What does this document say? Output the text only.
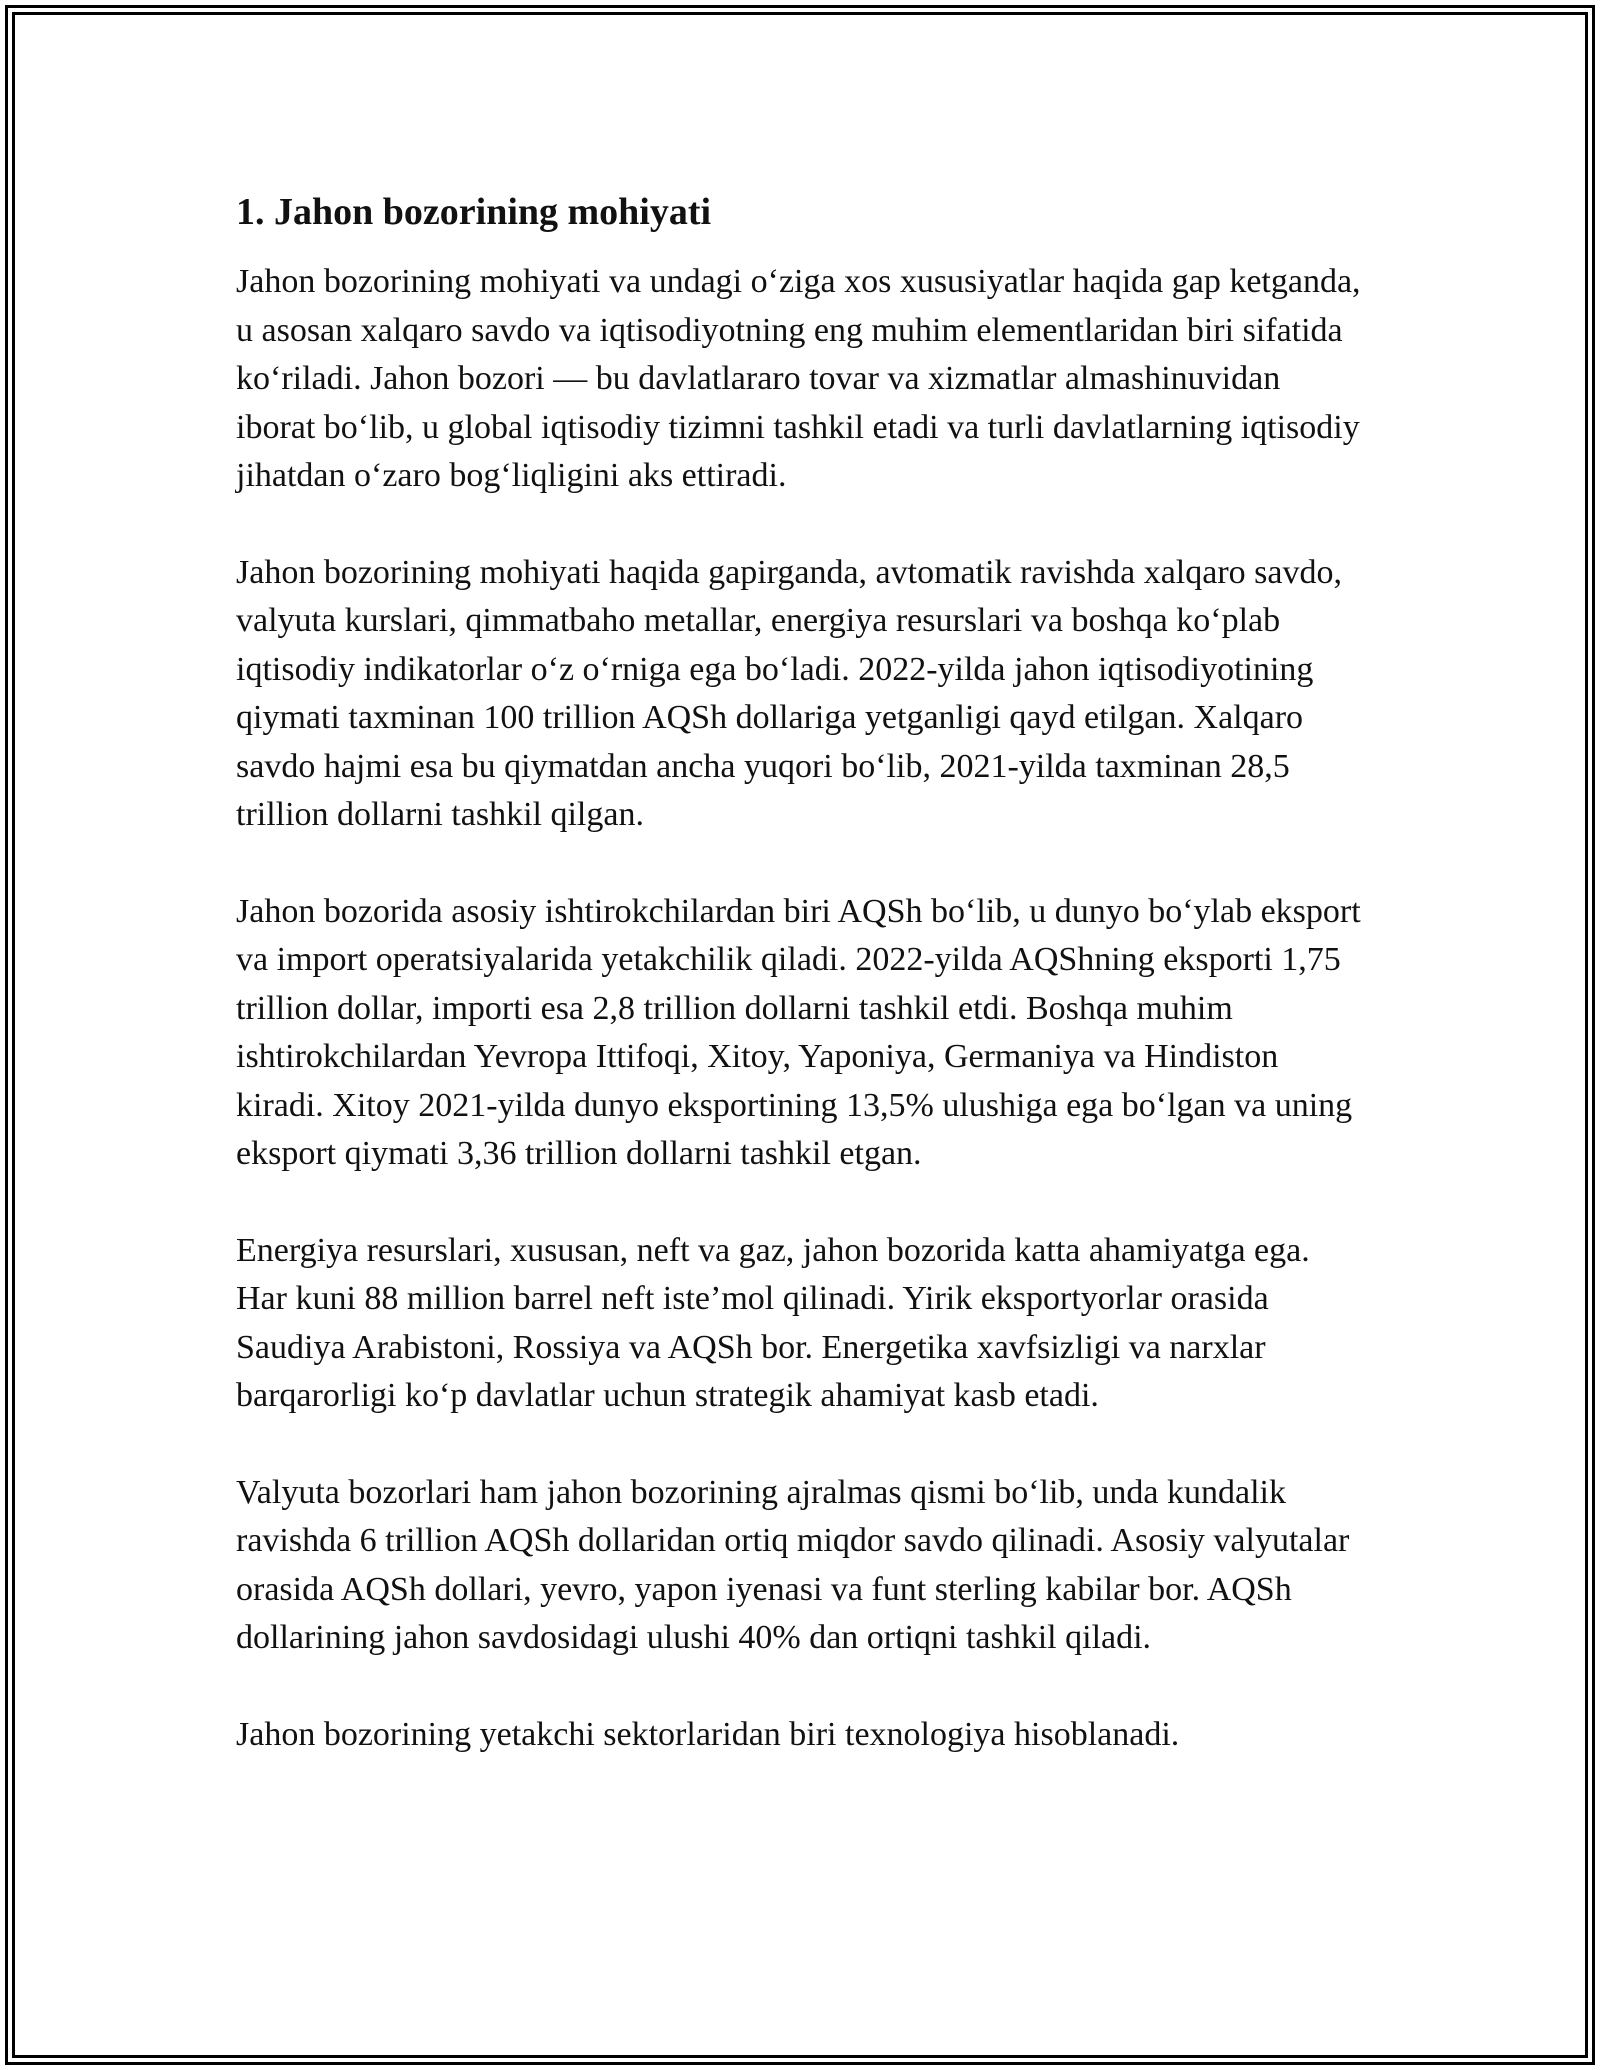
1. Jahon bozorining mohiyati

Jahon bozorining mohiyati va undagi o‘ziga xos xususiyatlar haqida gap ketganda, u asosan xalqaro savdo va iqtisodiyotning eng muhim elementlaridan biri sifatida ko‘riladi. Jahon bozori — bu davlatlararo tovar va xizmatlar almashinuvidan iborat bo‘lib, u global iqtisodiy tizimni tashkil etadi va turli davlatlarning iqtisodiy jihatdan o‘zaro bog‘liqligini aks ettiradi.

Jahon bozorining mohiyati haqida gapirganda, avtomatik ravishda xalqaro savdo, valyuta kurslari, qimmatbaho metallar, energiya resurslari va boshqa ko‘plab iqtisodiy indikatorlar o‘z o‘rniga ega bo‘ladi. 2022-yilda jahon iqtisodiyotining qiymati taxminan 100 trillion AQSh dollariga yetganligi qayd etilgan. Xalqaro savdo hajmi esa bu qiymatdan ancha yuqori bo‘lib, 2021-yilda taxminan 28,5 trillion dollarni tashkil qilgan.

Jahon bozorida asosiy ishtirokchilardan biri AQSh bo‘lib, u dunyo bo‘ylab eksport va import operatsiyalarida yetakchilik qiladi. 2022-yilda AQShning eksporti 1,75 trillion dollar, importi esa 2,8 trillion dollarni tashkil etdi. Boshqa muhim ishtirokchilardan Yevropa Ittifoqi, Xitoy, Yaponiya, Germaniya va Hindiston kiradi. Xitoy 2021-yilda dunyo eksportining 13,5% ulushiga ega bo‘lgan va uning eksport qiymati 3,36 trillion dollarni tashkil etgan.

Energiya resurslari, xususan, neft va gaz, jahon bozorida katta ahamiyatga ega. Har kuni 88 million barrel neft iste’mol qilinadi. Yirik eksportyorlar orasida Saudiya Arabistoni, Rossiya va AQSh bor. Energetika xavfsizligi va narxlar barqarorligi ko‘p davlatlar uchun strategik ahamiyat kasb etadi.

Valyuta bozorlari ham jahon bozorining ajralmas qismi bo‘lib, unda kundalik ravishda 6 trillion AQSh dollaridan ortiq miqdor savdo qilinadi. Asosiy valyutalar orasida AQSh dollari, yevro, yapon iyenasi va funt sterling kabilar bor. AQSh dollarining jahon savdosidagi ulushi 40% dan ortiqni tashkil qiladi.

Jahon bozorining yetakchi sektorlaridan biri texnologiya hisoblanadi.
